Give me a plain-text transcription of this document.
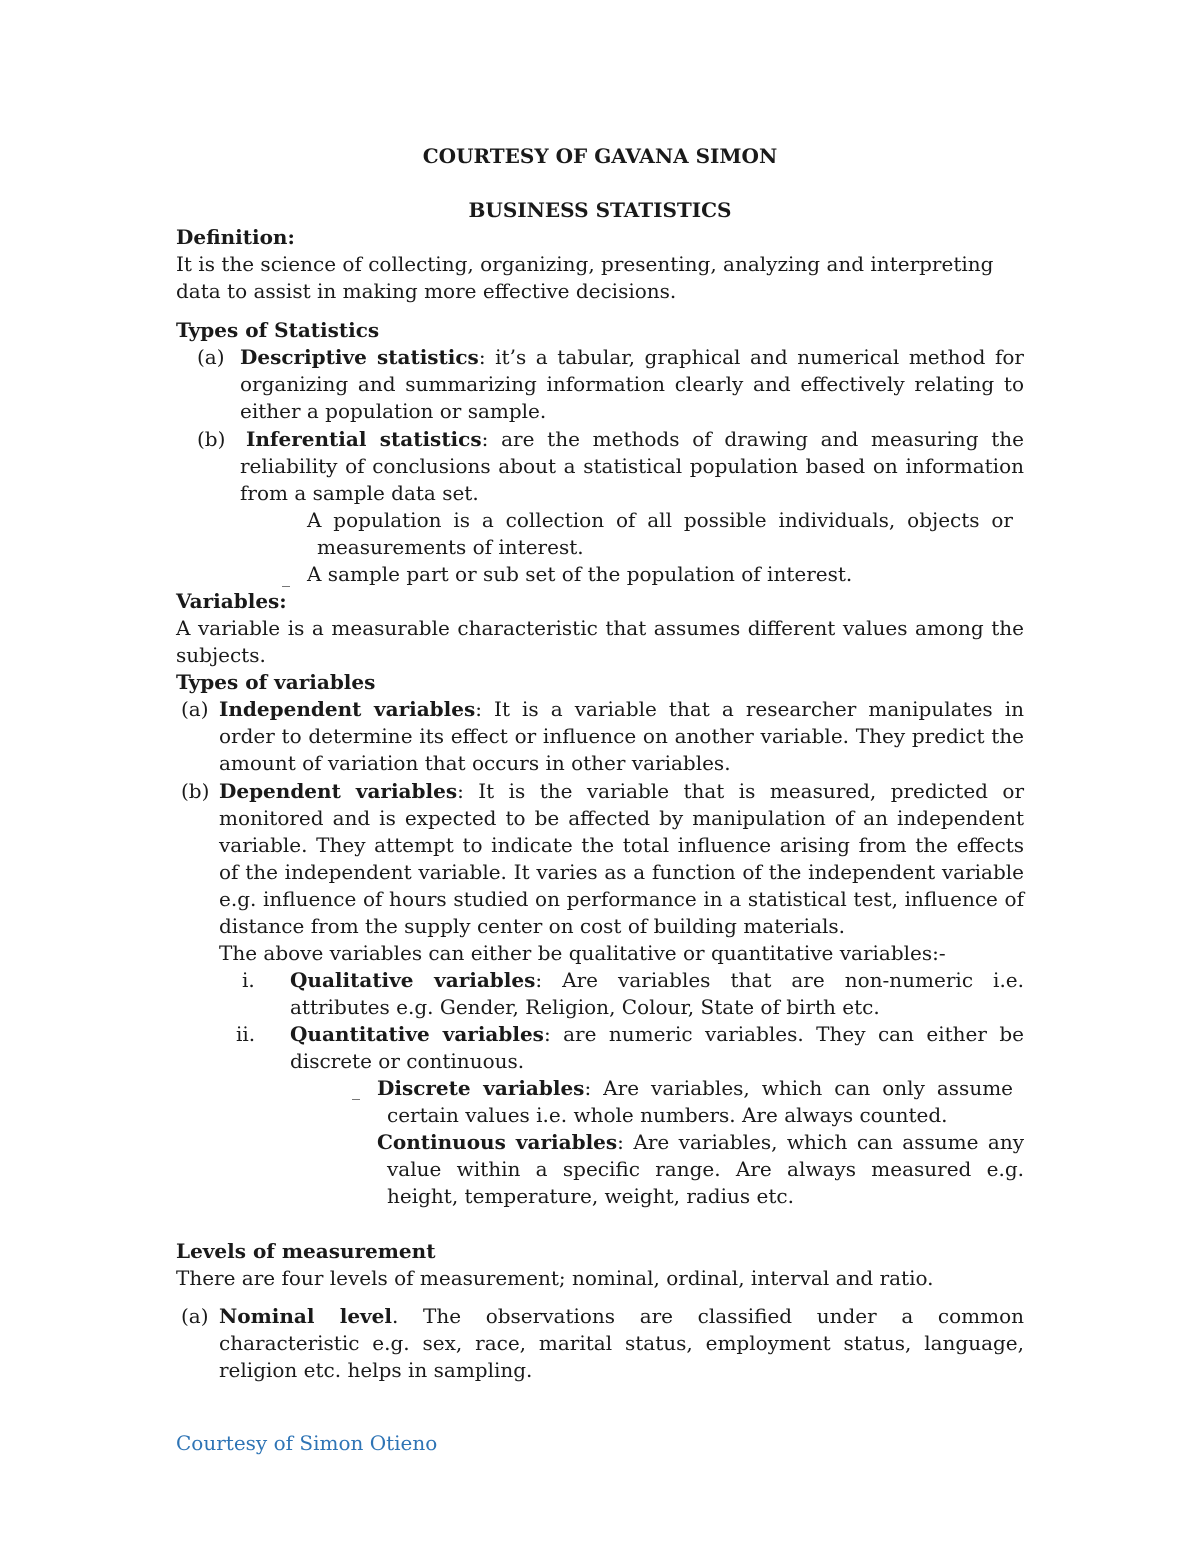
COURTESY OF GAVANA SIMON
BUSINESS STATISTICS
Definition:
It is the science of collecting, organizing, presenting, analyzing and interpreting data to assist in making more effective decisions.
Types of Statistics
(a) Descriptive statistics: it’s a tabular, graphical and numerical method for organizing and summarizing information clearly and effectively relating to either a population or sample.
(b)	Inferential statistics: are the methods of drawing and measuring the reliability of conclusions about a statistical population based on information from a sample data set.
A population is a collection of all possible individuals, objects or measurements of interest.
_ A sample part or sub set of the population of interest.
Variables:
A variable is a measurable characteristic that assumes different values among the subjects.
Types of variables
(a) Independent variables: It is a variable that a researcher manipulates in order to determine its effect or influence on another variable. They predict the amount of variation that occurs in other variables.
(b) Dependent variables: It is the variable that is measured, predicted or monitored and is expected to be affected by manipulation of an independent variable. They attempt to indicate the total influence arising from the effects of the independent variable. It varies as a function of the independent variable e.g. influence of hours studied on performance in a statistical test, influence of distance from the supply center on cost of building materials.
The above variables can either be qualitative or quantitative variables:-
i. Qualitative variables: Are variables that are non-numeric i.e. attributes e.g. Gender, Religion, Colour, State of birth etc.
ii. Quantitative variables: are numeric variables. They can either be discrete or continuous.
_ Discrete variables: Are variables, which can only assume certain values i.e. whole numbers. Are always counted.
Continuous variables: Are variables, which can assume any value within a specific range. Are always measured e.g. height, temperature, weight, radius etc.
Levels of measurement
There are four levels of measurement; nominal, ordinal, interval and ratio.
(a) Nominal level. The observations are classified under a common characteristic e.g. sex, race, marital status, employment status, language, religion etc. helps in sampling.
Courtesy of Simon Otieno
